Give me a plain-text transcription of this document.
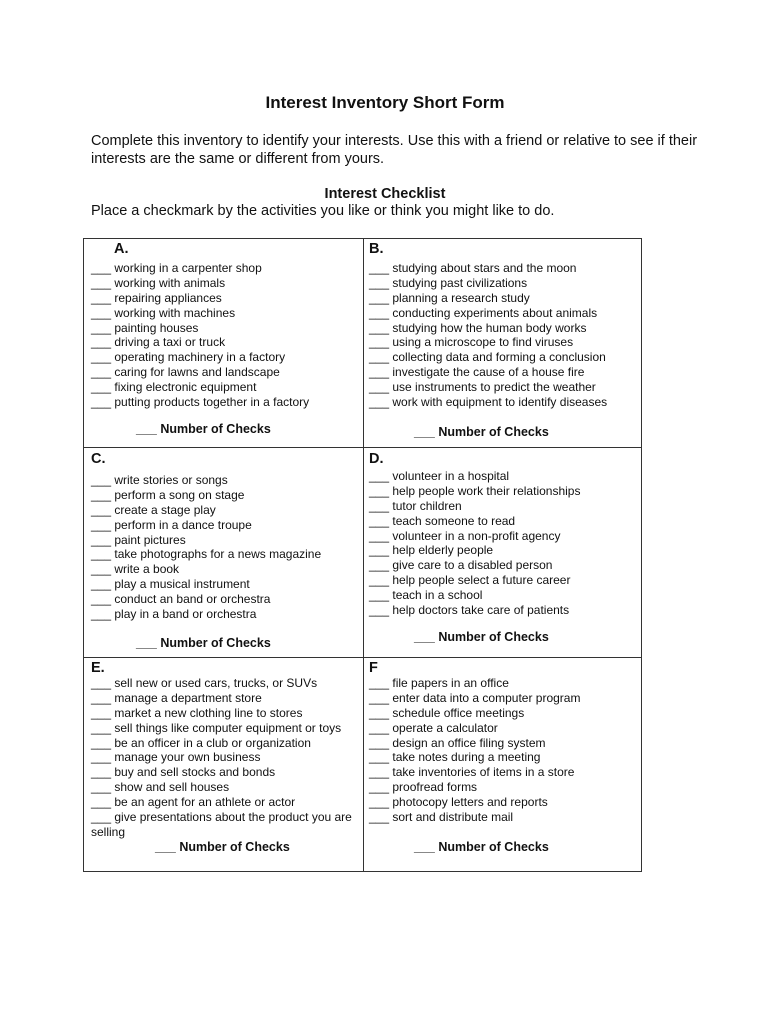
Interest Inventory Short Form
Complete this inventory to identify your interests. Use this with a friend or relative to see if their interests are the same or different from yours.
Interest Checklist
Place a checkmark by the activities you like or think you might like to do.
A.
___ working in a carpenter shop
___ working with animals
___ repairing appliances
___ working with machines
___ painting houses
___ driving a taxi or truck
___ operating machinery in a factory
___ caring for lawns and landscape
___ fixing electronic equipment
___ putting products together in a factory
___ Number of Checks
B.
___ studying about stars and the moon
___ studying past civilizations
___ planning a research study
___ conducting experiments about animals
___ studying how the human body works
___ using a microscope to find viruses
___ collecting data and forming a conclusion
___ investigate the cause of a house fire
___ use instruments to predict the weather
___ work with equipment to identify diseases
___ Number of Checks
C.
___ write stories or songs
___ perform a song on stage
___ create a stage play
___ perform in a dance troupe
___ paint pictures
___ take photographs for a news magazine
___ write a book
___ play a musical instrument
___ conduct an band or orchestra
___ play in a band or orchestra
___ Number of Checks
D.
___ volunteer in a hospital
___ help people work their relationships
___ tutor children
___ teach someone to read
___ volunteer in a non-profit agency
___ help elderly people
___ give care to a disabled person
___ help people select a future career
___ teach in a school
___ help doctors take care of patients
___ Number of Checks
E.
___ sell new or used cars, trucks, or SUVs
___ manage a department store
___ market a new clothing line to stores
___ sell things like computer equipment or toys
___ be an officer in a club or organization
___ manage your own business
___ buy and sell stocks and bonds
___ show and sell houses
___ be an agent for an athlete or actor
___ give presentations about the product you are selling
___ Number of Checks
F
___ file papers in an office
___ enter data into a computer program
___ schedule office meetings
___ operate a calculator
___ design an office filing system
___ take notes during a meeting
___ take inventories of items in a store
___ proofread forms
___ photocopy letters and reports
___ sort and distribute mail
___ Number of Checks
